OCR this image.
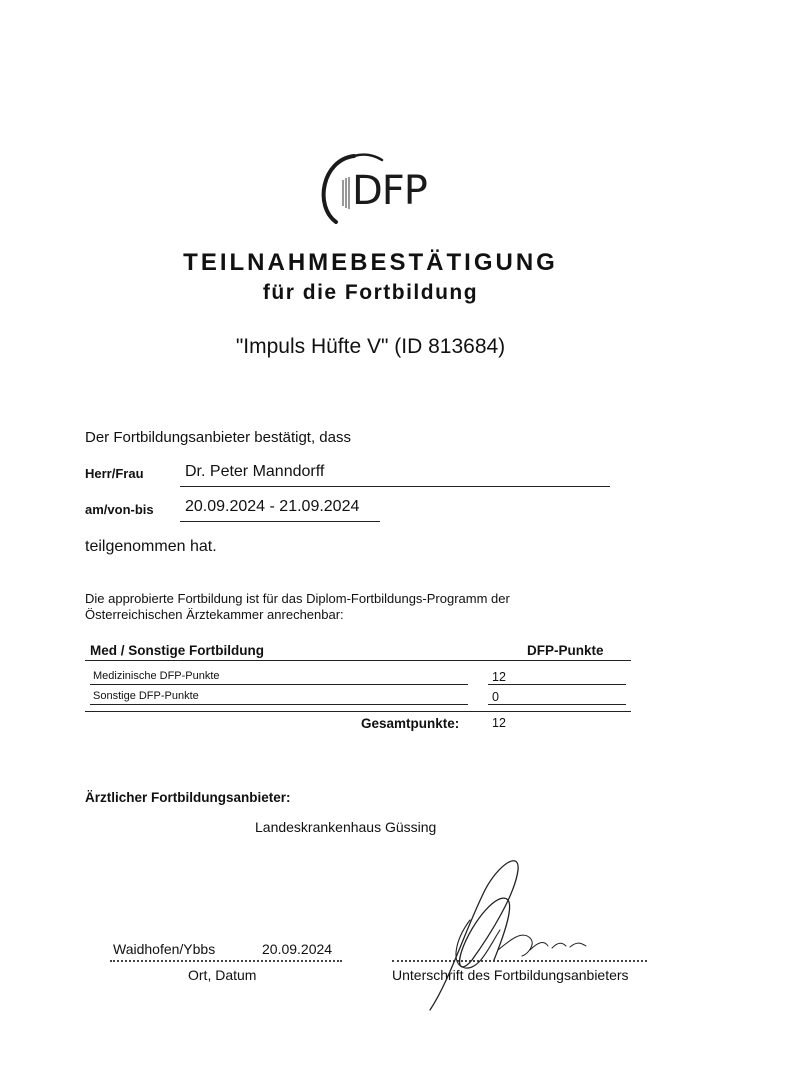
DFP
TEILNAHMEBESTÄTIGUNG
für die Fortbildung
"Impuls Hüfte V" (ID 813684)
Der Fortbildungsanbieter bestätigt, dass
Herr/Frau	Dr. Peter Manndorff
am/von-bis 20.09.2024 - 21.09.2024
teilgenommen hat.
Die approbierte Fortbildung ist für das Diplom-Fortbildungs-Programm der Österreichischen Ärztekammer anrechenbar:
Med / Sonstige Fortbildung	DFP-Punkte
Medizinische DFP-Punkte	12
Sonstige DFP-Punkte	0
Gesamtpunkte:	12
Ärztlicher Fortbildungsanbieter:
Landeskrankenhaus Güssing
Waidhofen/Ybbs	20.09.2024
Ort, Datum	Unterschrift des Fortbildungsanbieters
